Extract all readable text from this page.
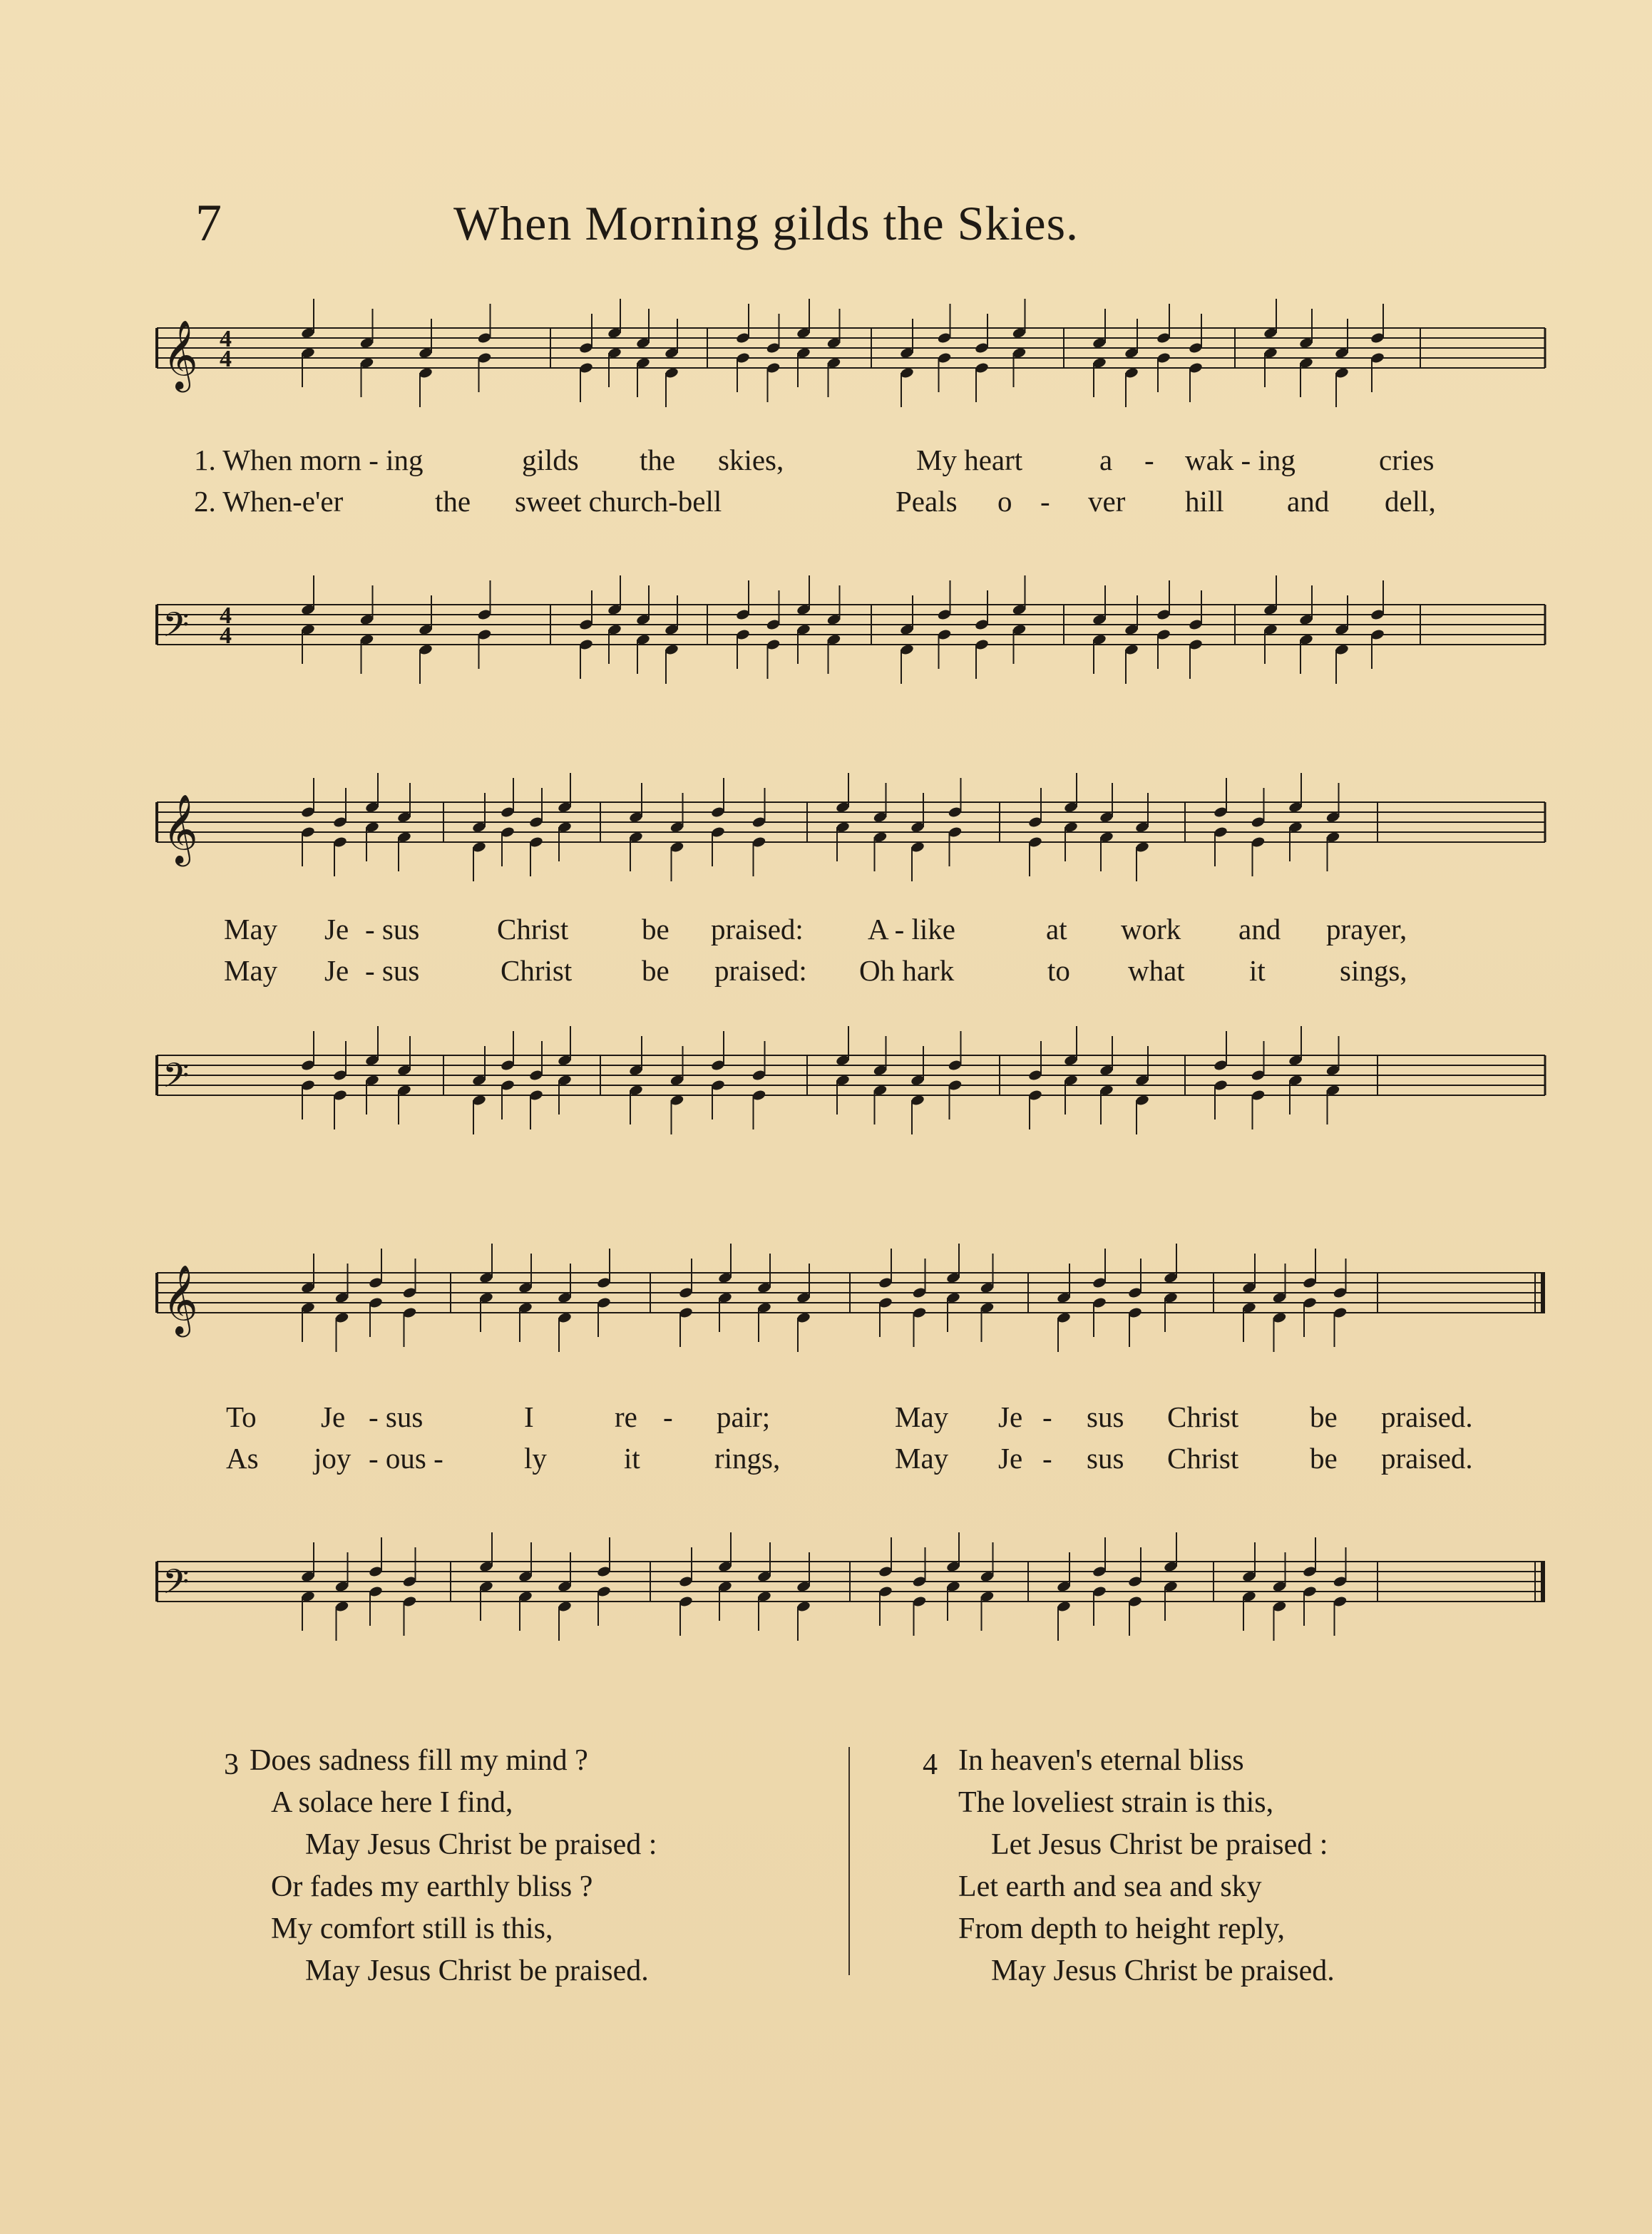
7	When Morning gilds the Skies.
𝄞 4
4
1. When morn - ing	gilds the skies,	My heart	a - wak - ing	cries
2. When-e'er	the sweet church-bell	Peals o - ver hill and dell,
𝄢 4
4
𝄞
May Je - sus	Christ	be praised: A - like	at work and prayer,
May Je - sus	Christ be praised: Oh hark	to what it	sings,
𝄢
𝄞
To Je - sus	I	re - pair;	May Je - sus Christ be praised.
As joy - ous -	ly	it	rings,	May Je - sus Christ be praised.
𝄢
3 Does sadness fill my mind ?
A solace here I find,
May Jesus Christ be praised :
Or fades my earthly bliss ?
My comfort still is this,
May Jesus Christ be praised.
4 In heaven's eternal bliss
The loveliest strain is this,
Let Jesus Christ be praised :
Let earth and sea and sky
From depth to height reply,
May Jesus Christ be praised.
